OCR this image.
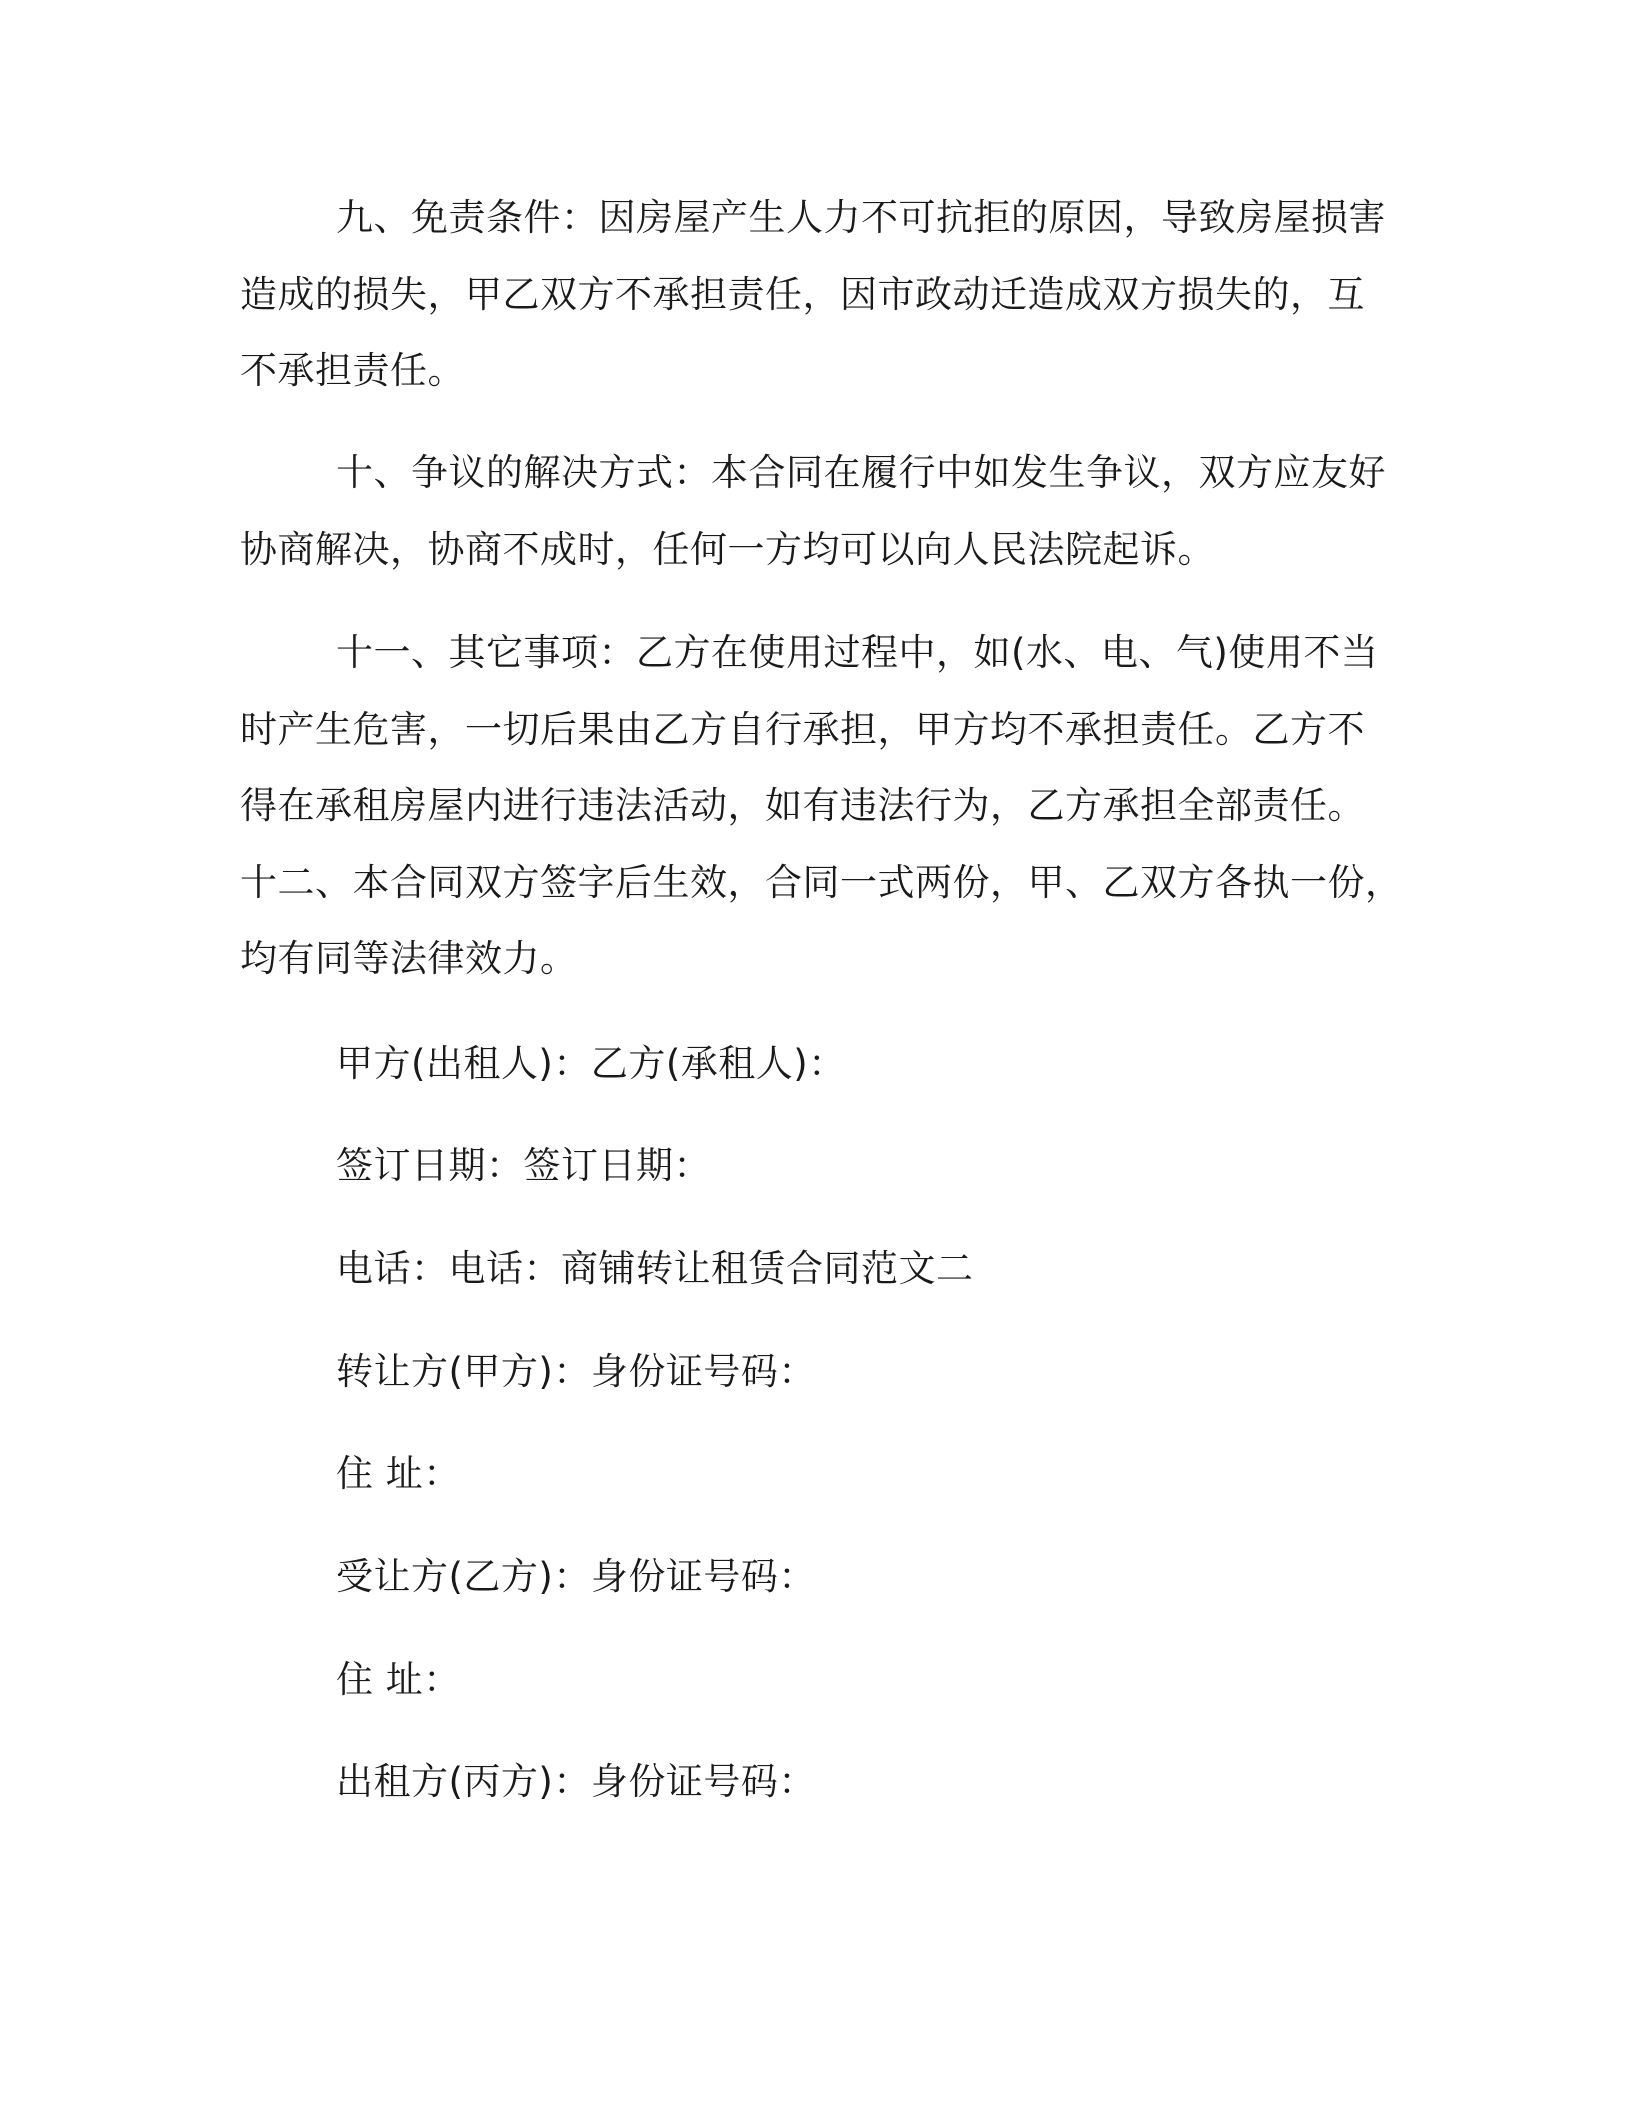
九、免责条件：因房屋产生人力不可抗拒的原因，导致房屋损害

造成的损失，甲乙双方不承担责任，因市政动迁造成双方损失的，互

不承担责任。

十、争议的解决方式：本合同在履行中如发生争议，双方应友好

协商解决，协商不成时，任何一方均可以向人民法院起诉。

十一、其它事项：乙方在使用过程中，如(水、电、气)使用不当

时产生危害，一切后果由乙方自行承担，甲方均不承担责任。乙方不

得在承租房屋内进行违法活动，如有违法行为，乙方承担全部责任。

十二、本合同双方签字后生效，合同一式两份，甲、乙双方各执一份，

均有同等法律效力。

甲方(出租人)：乙方(承租人)：

签订日期：签订日期：

电话：电话：商铺转让租赁合同范文二

转让方(甲方)：身份证号码：

住 址：

受让方(乙方)：身份证号码：

住 址：

出租方(丙方)：身份证号码：
